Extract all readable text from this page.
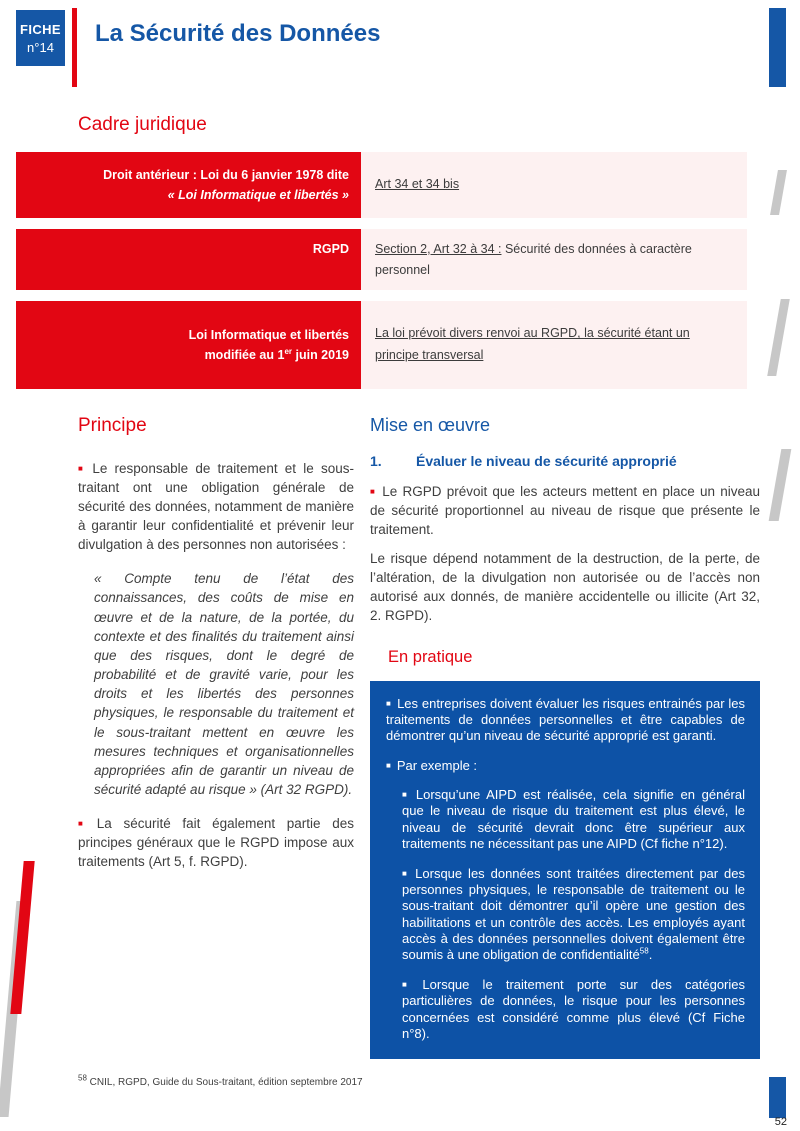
FICHE
n°14 La Sécurité des Données
Cadre juridique
Droit antérieur : Loi du 6 janvier 1978 dite
« Loi Informatique et libertés »
Art 34 et 34 bis
RGPD Section 2, Art 32 à 34 : Sécurité des données à caractère personnel
Loi Informatique et libertés
modifiée au 1er juin 2019
La loi prévoit divers renvoi au RGPD, la sécurité étant un principe transversal
Principe

■ Le responsable de traitement et le sous-traitant ont une obligation générale de sécurité des données, notamment de manière à garantir leur confidentialité et prévenir leur divulgation à des personnes non autorisées :

« Compte tenu de l’état des connaissances, des coûts de mise en œuvre et de la nature, de la portée, du contexte et des finalités du traitement ainsi que des risques, dont le degré de probabilité et de gravité varie, pour les droits et les libertés des personnes physiques, le responsable du traitement et le sous-traitant mettent en œuvre les mesures techniques et organisationnelles appropriées afin de garantir un niveau de sécurité adapté au risque » (Art 32 RGPD).

■ La sécurité fait également partie des principes généraux que le RGPD impose aux traitements (Art 5, f. RGPD).

Mise en œuvre
1.	Évaluer le niveau de sécurité approprié

■ Le RGPD prévoit que les acteurs mettent en place un niveau de sécurité proportionnel au niveau de risque que présente le traitement.

Le risque dépend notamment de la destruction, de la perte, de l’altération, de la divulgation non autorisée ou de l’accès non autorisé aux donnés, de manière accidentelle ou illicite (Art 32, 2. RGPD).

En pratique

■ Les entreprises doivent évaluer les risques entrainés par les traitements de données personnelles et être capables de démontrer qu’un niveau de sécurité approprié est garanti.

■ Par exemple :

■ Lorsqu’une AIPD est réalisée, cela signifie en général que le niveau de risque du traitement est plus élevé, le niveau de sécurité devrait donc être supérieur aux traitements ne nécessitant pas une AIPD (Cf fiche n°12).

■ Lorsque les données sont traitées directement par des personnes physiques, le responsable de traitement ou le sous-traitant doit démontrer qu’il opère une gestion des habilitations et un contrôle des accès. Les employés ayant accès à des données personnelles doivent également être soumis à une obligation de confidentialité$^{58}$.

■ Lorsque le traitement porte sur des catégories particulières de données, le risque pour les personnes concernées est considéré comme plus élevé (Cf Fiche n°8).

$^{58}$ CNIL, RGPD, Guide du Sous-traitant, édition septembre 2017

52
